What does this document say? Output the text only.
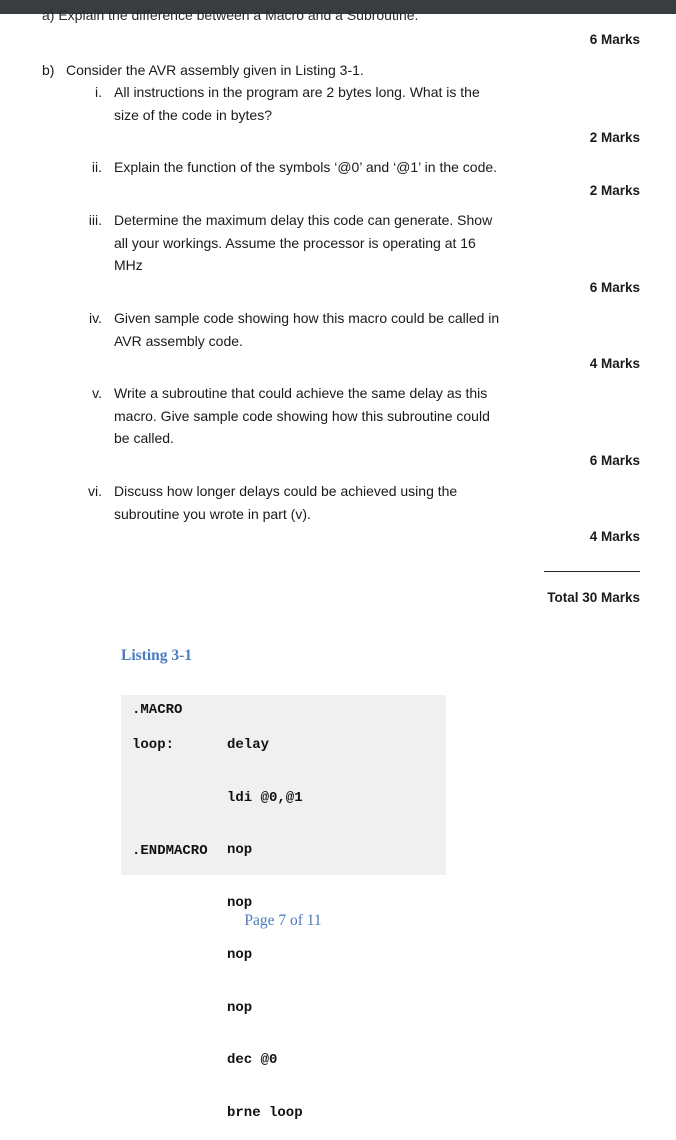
a) Explain the difference between a Macro and a Subroutine.
6 Marks
b) Consider the AVR assembly given in Listing 3-1.
i. All instructions in the program are 2 bytes long. What is the
size of the code in bytes?
2 Marks
ii. Explain the function of the symbols ‘@0’ and ‘@1’ in the code.
2 Marks
iii. Determine the maximum delay this code can generate. Show
all your workings. Assume the processor is operating at 16
MHz
6 Marks
iv. Given sample code showing how this macro could be called in
AVR assembly code.
4 Marks
v. Write a subroutine that could achieve the same delay as this
macro. Give sample code showing how this subroutine could
be called.
6 Marks
vi. Discuss how longer delays could be achieved using the
subroutine you wrote in part (v).
4 Marks
Total 30 Marks
Listing 3-1
.MACRO
loop:
.ENDMACRO

delay

ldi @0,@1

nop

nop

nop

nop

dec @0

brne loop

Page 7 of 11
